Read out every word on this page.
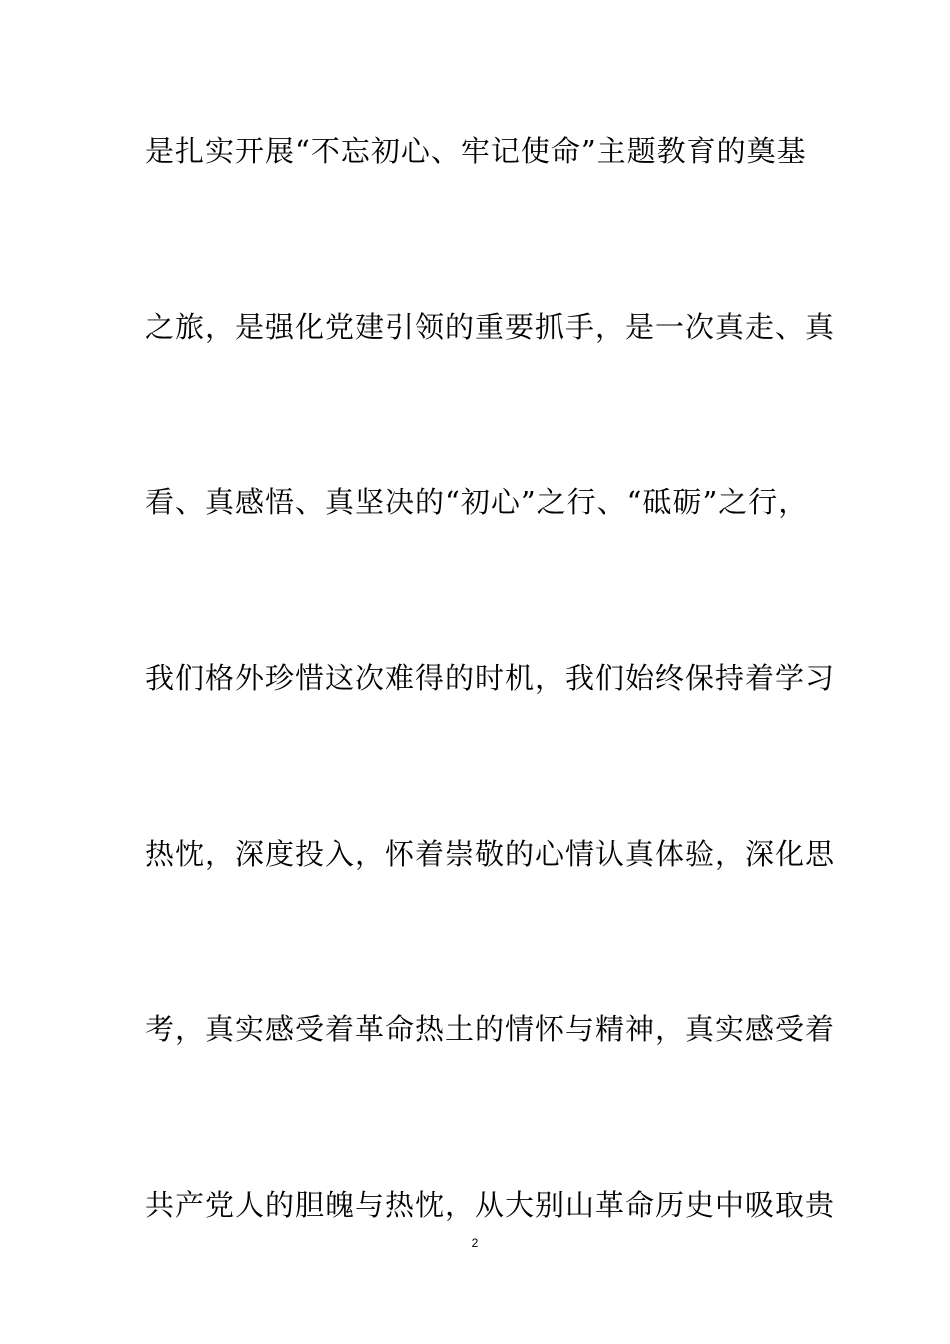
是扎实开展“不忘初心、牢记使命”主题教育的奠基
之旅，是强化党建引领的重要抓手，是一次真走、真
看、真感悟、真坚决的“初心”之行、“砥砺”之行，
我们格外珍惜这次难得的时机，我们始终保持着学习
热忱，深度投入，怀着崇敬的心情认真体验，深化思
考，真实感受着革命热土的情怀与精神，真实感受着
共产党人的胆魄与热忱，从大别山革命历史中吸取贵
2
